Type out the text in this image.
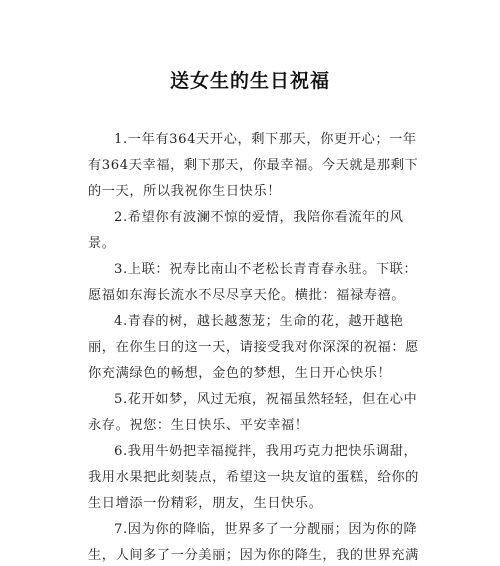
送女生的生日祝福

1.一年有364天开心，剩下那天，你更开心；一年有364天幸福，剩下那天，你最幸福。今天就是那剩下的一天，所以我祝你生日快乐！

2.希望你有波澜不惊的爱情，我陪你看流年的风景。

3.上联：祝寿比南山不老松长青青春永驻。下联：愿福如东海长流水不尽尽享天伦。横批：福禄寿禧。

4.青春的树，越长越葱茏；生命的花，越开越艳丽，在你生日的这一天，请接受我对你深深的祝福：愿你充满绿色的畅想，金色的梦想，生日开心快乐！

5.花开如梦，风过无痕，祝福虽然轻轻，但在心中永存。祝您：生日快乐、平安幸福！

6.我用牛奶把幸福搅拌，我用巧克力把快乐调甜，我用水果把此刻装点，希望这一块友谊的蛋糕，给你的生日增添一份精彩，朋友，生日快乐。

7.因为你的降临，世界多了一分靓丽；因为你的降生，人间多了一分美丽；因为你的降生，我的世界充满
